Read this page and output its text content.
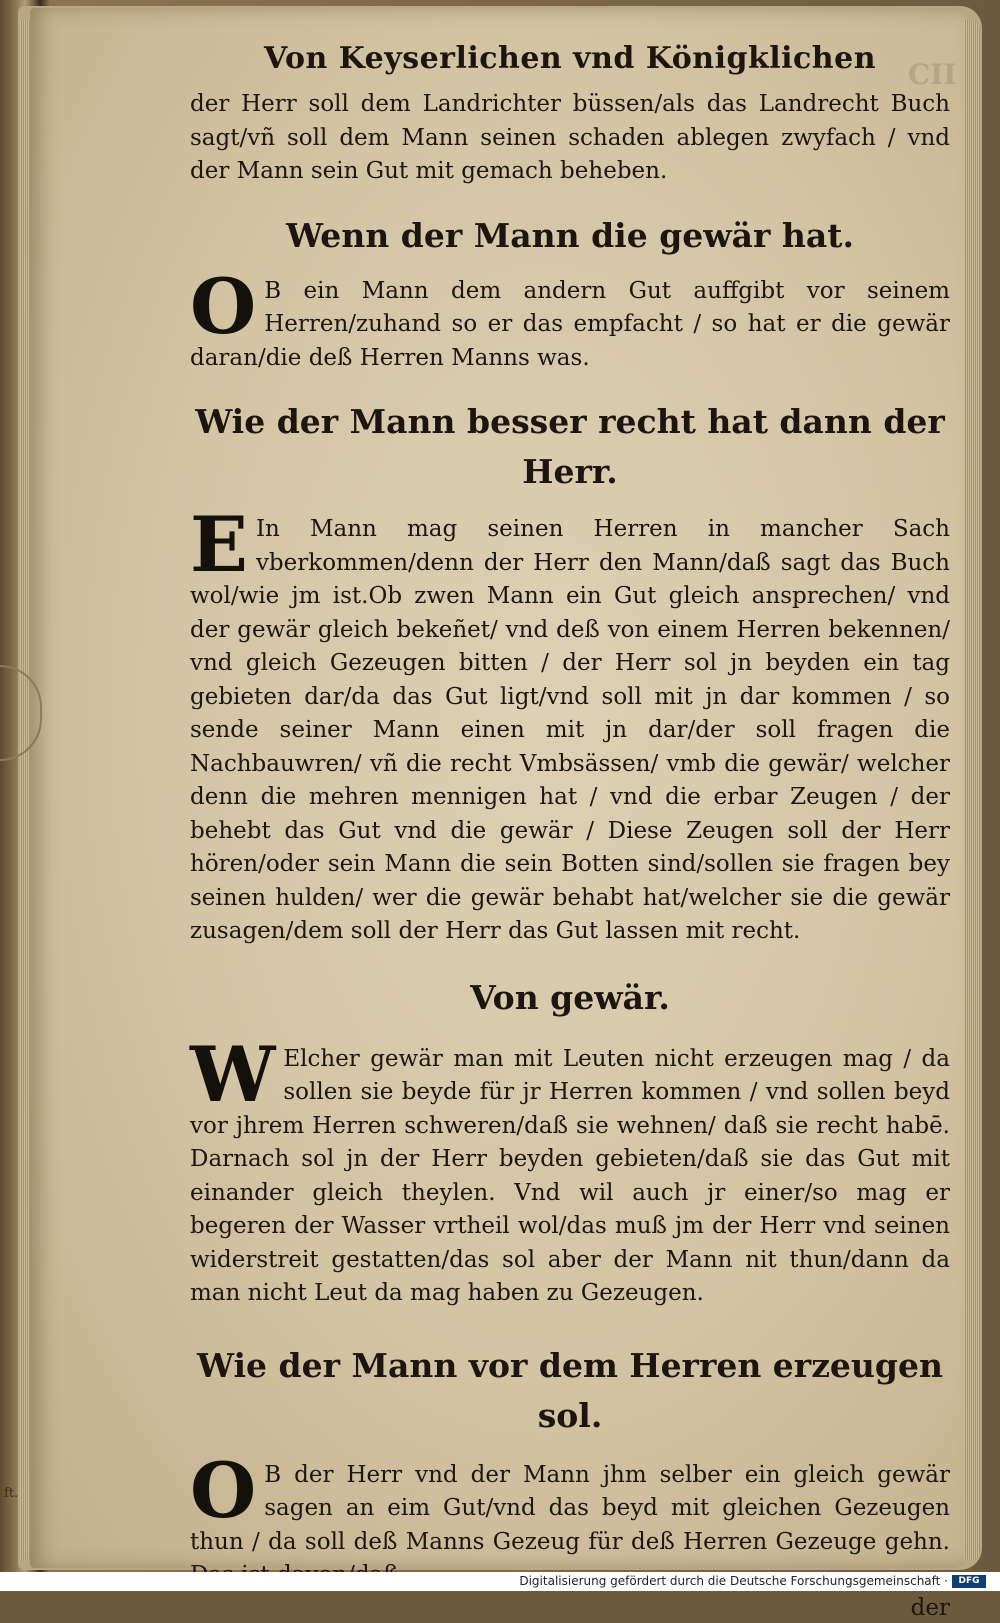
CII
ft.

Von Keyserlichen vnd Königklichen

der Herr soll dem Landrichter büssen/als das Landrecht Buch sagt/vñ soll dem Mann seinen schaden ablegen zwyfach / vnd der Mann sein Gut mit gemach beheben.

Wenn der Mann die gewär hat.

O B ein Mann dem andern Gut auffgibt vor seinem Herren/zuhand so er das empfacht / so hat er die gewär daran/die deß Herren Manns was.

Wie der Mann besser recht hat dann der Herr.

E In Mann mag seinen Herren in mancher Sach vberkommen/denn der Herr den Mann/daß sagt das Buch wol/wie jm ist.Ob zwen Mann ein Gut gleich ansprechen/ vnd der gewär gleich bekeñet/ vnd deß von einem Herren bekennen/ vnd gleich Gezeugen bitten / der Herr sol jn beyden ein tag gebieten dar/da das Gut ligt/vnd soll mit jn dar kommen / so sende seiner Mann einen mit jn dar/der soll fragen die Nachbauwren/ vñ die recht Vmbsässen/ vmb die gewär/ welcher denn die mehren mennigen hat / vnd die erbar Zeugen / der behebt das Gut vnd die gewär / Diese Zeugen soll der Herr hören/oder sein Mann die sein Botten sind/sollen sie fragen bey seinen hulden/ wer die gewär behabt hat/welcher sie die gewär zusagen/dem soll der Herr das Gut lassen mit recht.

Von gewär.

W Elcher gewär man mit Leuten nicht erzeugen mag / da sollen sie beyde für jr Herren kommen / vnd sollen beyd vor jhrem Herren schweren/daß sie wehnen/ daß sie recht habē. Darnach sol jn der Herr beyden gebieten/daß sie das Gut mit einander gleich theylen. Vnd wil auch jr einer/so mag er begeren der Wasser vrtheil wol/das muß jm der Herr vnd seinen widerstreit gestatten/das sol aber der Mann nit thun/dann da man nicht Leut da mag haben zu Gezeugen.

Wie der Mann vor dem Herren erzeugen sol.

O B der Herr vnd der Mann jhm selber ein gleich gewär sagen an eim Gut/vnd das beyd mit gleichen Gezeugen thun / da soll deß Manns Gezeug für deß Herren Gezeuge gehn.

der

Digitalisierung gefördert durch die Deutsche Forschungsgemeinschaft ·	DFG
